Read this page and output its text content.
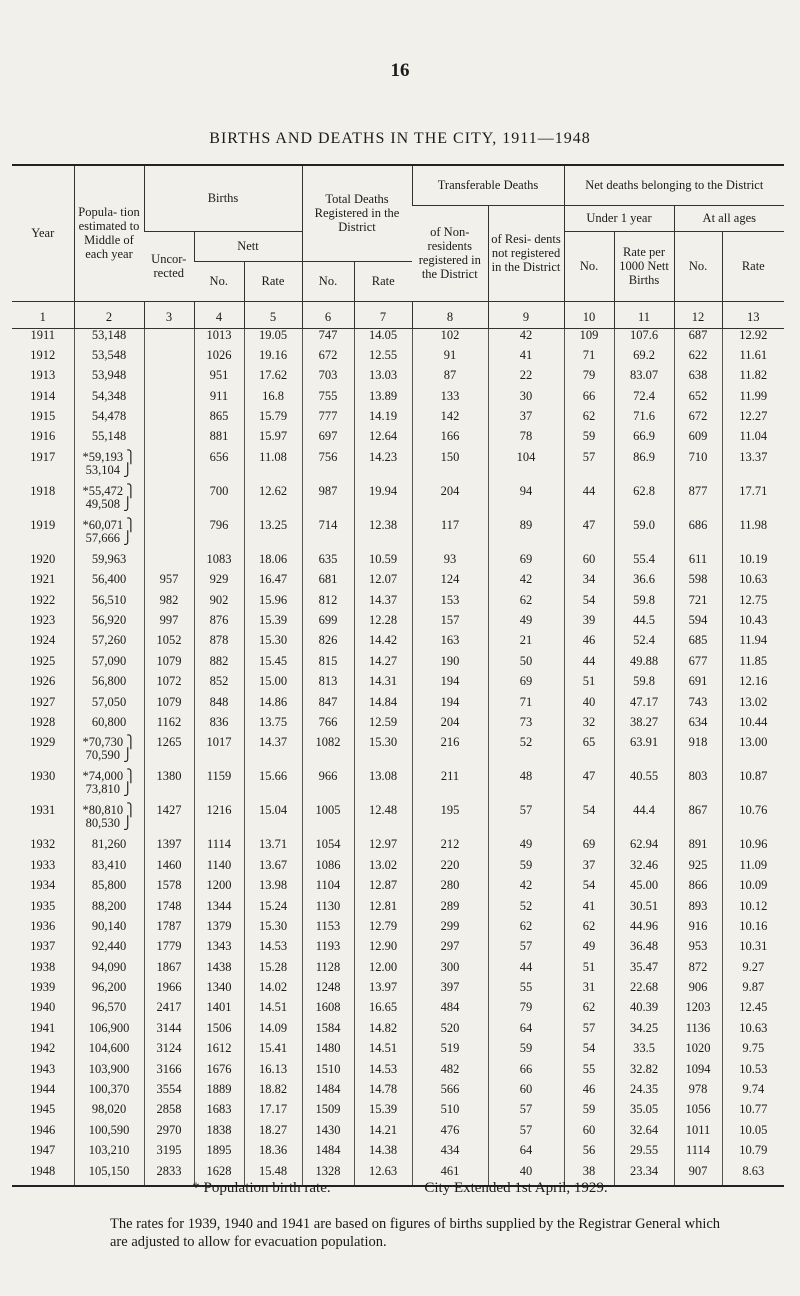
16
BIRTHS AND DEATHS IN THE CITY, 1911—1948
Year	Popula- tion estimated to Middle of each year	Births			Total Deaths Registered in the District		Transferable Deaths		Net deaths belonging to the District			
							of Non- residents registered in the District	of Resi- dents not registered in the District	Under 1 year		At all ages	
		Uncor- rected	Nett						No.	Rate per 1000 Nett Births	No.	Rate
			No.	Rate	No.	Rate						
1	2	3	4	5	6	7	8	9	10	11	12	13
1911	53,148		1013	19.05	747	14.05	102	42	109	107.6	687	12.92
1912	53,548		1026	19.16	672	12.55	91	41	71	69.2	622	11.61
1913	53,948		951	17.62	703	13.03	87	22	79	83.07	638	11.82
1914	54,348		911	16.8	755	13.89	133	30	66	72.4	652	11.99
1915	54,478		865	15.79	777	14.19	142	37	62	71.6	672	12.27
1916	55,148		881	15.97	697	12.64	166	78	59	66.9	609	11.04
1917	*59,193 ⎫
53,104 ⎭		656	11.08	756	14.23	150	104	57	86.9	710	13.37
1918	*55,472 ⎫
49,508 ⎭		700	12.62	987	19.94	204	94	44	62.8	877	17.71
1919	*60,071 ⎫
57,666 ⎭		796	13.25	714	12.38	117	89	47	59.0	686	11.98
1920	59,963		1083	18.06	635	10.59	93	69	60	55.4	611	10.19
1921	56,400	957	929	16.47	681	12.07	124	42	34	36.6	598	10.63
1922	56,510	982	902	15.96	812	14.37	153	62	54	59.8	721	12.75
1923	56,920	997	876	15.39	699	12.28	157	49	39	44.5	594	10.43
1924	57,260	1052	878	15.30	826	14.42	163	21	46	52.4	685	11.94
1925	57,090	1079	882	15.45	815	14.27	190	50	44	49.88	677	11.85
1926	56,800	1072	852	15.00	813	14.31	194	69	51	59.8	691	12.16
1927	57,050	1079	848	14.86	847	14.84	194	71	40	47.17	743	13.02
1928	60,800	1162	836	13.75	766	12.59	204	73	32	38.27	634	10.44
1929	*70,730 ⎫
70,590 ⎭	1265	1017	14.37	1082	15.30	216	52	65	63.91	918	13.00
1930	*74,000 ⎫
73,810 ⎭	1380	1159	15.66	966	13.08	211	48	47	40.55	803	10.87
1931	*80,810 ⎫
80,530 ⎭	1427	1216	15.04	1005	12.48	195	57	54	44.4	867	10.76
1932	81,260	1397	1114	13.71	1054	12.97	212	49	69	62.94	891	10.96
1933	83,410	1460	1140	13.67	1086	13.02	220	59	37	32.46	925	11.09
1934	85,800	1578	1200	13.98	1104	12.87	280	42	54	45.00	866	10.09
1935	88,200	1748	1344	15.24	1130	12.81	289	52	41	30.51	893	10.12
1936	90,140	1787	1379	15.30	1153	12.79	299	62	62	44.96	916	10.16
1937	92,440	1779	1343	14.53	1193	12.90	297	57	49	36.48	953	10.31
1938	94,090	1867	1438	15.28	1128	12.00	300	44	51	35.47	872	9.27
1939	96,200	1966	1340	14.02	1248	13.97	397	55	31	22.68	906	9.87
1940	96,570	2417	1401	14.51	1608	16.65	484	79	62	40.39	1203	12.45
1941	106,900	3144	1506	14.09	1584	14.82	520	64	57	34.25	1136	10.63
1942	104,600	3124	1612	15.41	1480	14.51	519	59	54	33.5	1020	9.75
1943	103,900	3166	1676	16.13	1510	14.53	482	66	55	32.82	1094	10.53
1944	100,370	3554	1889	18.82	1484	14.78	566	60	46	24.35	978	9.74
1945	98,020	2858	1683	17.17	1509	15.39	510	57	59	35.05	1056	10.77
1946	100,590	2970	1838	18.27	1430	14.21	476	57	60	32.64	1011	10.05
1947	103,210	3195	1895	18.36	1484	14.38	434	64	56	29.55	1114	10.79
1948	105,150	2833	1628	15.48	1328	12.63	461	40	38	23.34	907	8.63
* Population birth rate.	City Extended 1st April, 1929.
The rates for 1939, 1940 and 1941 are based on figures of births supplied by the Registrar General which are adjusted to allow for evacuation population.
